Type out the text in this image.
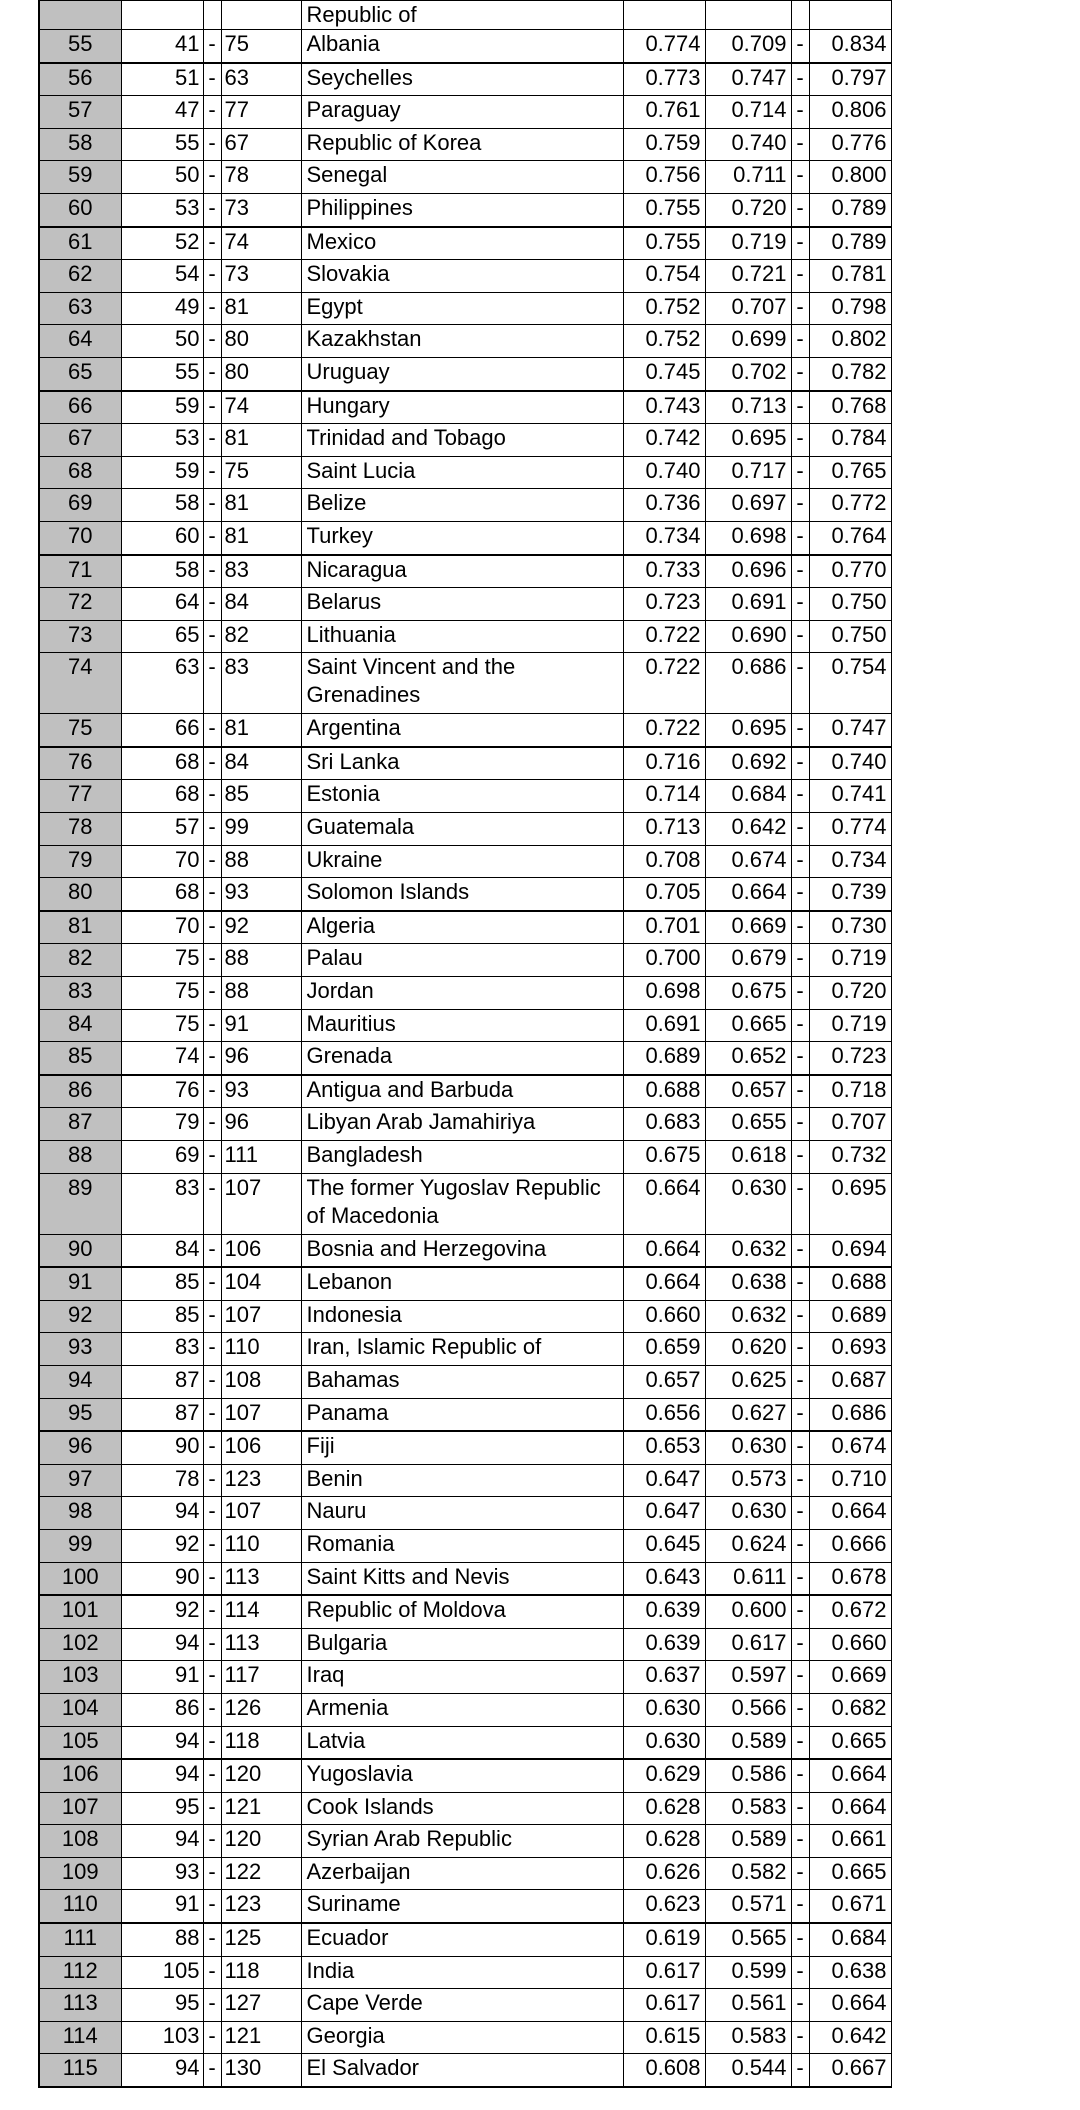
				Republic of				
55	41	-	75	Albania	0.774	0.709	-	0.834
56	51	-	63	Seychelles	0.773	0.747	-	0.797
57	47	-	77	Paraguay	0.761	0.714	-	0.806
58	55	-	67	Republic of Korea	0.759	0.740	-	0.776
59	50	-	78	Senegal	0.756	0.711	-	0.800
60	53	-	73	Philippines	0.755	0.720	-	0.789
61	52	-	74	Mexico	0.755	0.719	-	0.789
62	54	-	73	Slovakia	0.754	0.721	-	0.781
63	49	-	81	Egypt	0.752	0.707	-	0.798
64	50	-	80	Kazakhstan	0.752	0.699	-	0.802
65	55	-	80	Uruguay	0.745	0.702	-	0.782
66	59	-	74	Hungary	0.743	0.713	-	0.768
67	53	-	81	Trinidad and Tobago	0.742	0.695	-	0.784
68	59	-	75	Saint Lucia	0.740	0.717	-	0.765
69	58	-	81	Belize	0.736	0.697	-	0.772
70	60	-	81	Turkey	0.734	0.698	-	0.764
71	58	-	83	Nicaragua	0.733	0.696	-	0.770
72	64	-	84	Belarus	0.723	0.691	-	0.750
73	65	-	82	Lithuania	0.722	0.690	-	0.750
74	63	-	83	Saint Vincent and the Grenadines	0.722	0.686	-	0.754
75	66	-	81	Argentina	0.722	0.695	-	0.747
76	68	-	84	Sri Lanka	0.716	0.692	-	0.740
77	68	-	85	Estonia	0.714	0.684	-	0.741
78	57	-	99	Guatemala	0.713	0.642	-	0.774
79	70	-	88	Ukraine	0.708	0.674	-	0.734
80	68	-	93	Solomon Islands	0.705	0.664	-	0.739
81	70	-	92	Algeria	0.701	0.669	-	0.730
82	75	-	88	Palau	0.700	0.679	-	0.719
83	75	-	88	Jordan	0.698	0.675	-	0.720
84	75	-	91	Mauritius	0.691	0.665	-	0.719
85	74	-	96	Grenada	0.689	0.652	-	0.723
86	76	-	93	Antigua and Barbuda	0.688	0.657	-	0.718
87	79	-	96	Libyan Arab Jamahiriya	0.683	0.655	-	0.707
88	69	-	111	Bangladesh	0.675	0.618	-	0.732
89	83	-	107	The former Yugoslav Republic of Macedonia	0.664	0.630	-	0.695
90	84	-	106	Bosnia and Herzegovina	0.664	0.632	-	0.694
91	85	-	104	Lebanon	0.664	0.638	-	0.688
92	85	-	107	Indonesia	0.660	0.632	-	0.689
93	83	-	110	Iran, Islamic Republic of	0.659	0.620	-	0.693
94	87	-	108	Bahamas	0.657	0.625	-	0.687
95	87	-	107	Panama	0.656	0.627	-	0.686
96	90	-	106	Fiji	0.653	0.630	-	0.674
97	78	-	123	Benin	0.647	0.573	-	0.710
98	94	-	107	Nauru	0.647	0.630	-	0.664
99	92	-	110	Romania	0.645	0.624	-	0.666
100	90	-	113	Saint Kitts and Nevis	0.643	0.611	-	0.678
101	92	-	114	Republic of Moldova	0.639	0.600	-	0.672
102	94	-	113	Bulgaria	0.639	0.617	-	0.660
103	91	-	117	Iraq	0.637	0.597	-	0.669
104	86	-	126	Armenia	0.630	0.566	-	0.682
105	94	-	118	Latvia	0.630	0.589	-	0.665
106	94	-	120	Yugoslavia	0.629	0.586	-	0.664
107	95	-	121	Cook Islands	0.628	0.583	-	0.664
108	94	-	120	Syrian Arab Republic	0.628	0.589	-	0.661
109	93	-	122	Azerbaijan	0.626	0.582	-	0.665
110	91	-	123	Suriname	0.623	0.571	-	0.671
111	88	-	125	Ecuador	0.619	0.565	-	0.684
112	105	-	118	India	0.617	0.599	-	0.638
113	95	-	127	Cape Verde	0.617	0.561	-	0.664
114	103	-	121	Georgia	0.615	0.583	-	0.642
115	94	-	130	El Salvador	0.608	0.544	-	0.667
